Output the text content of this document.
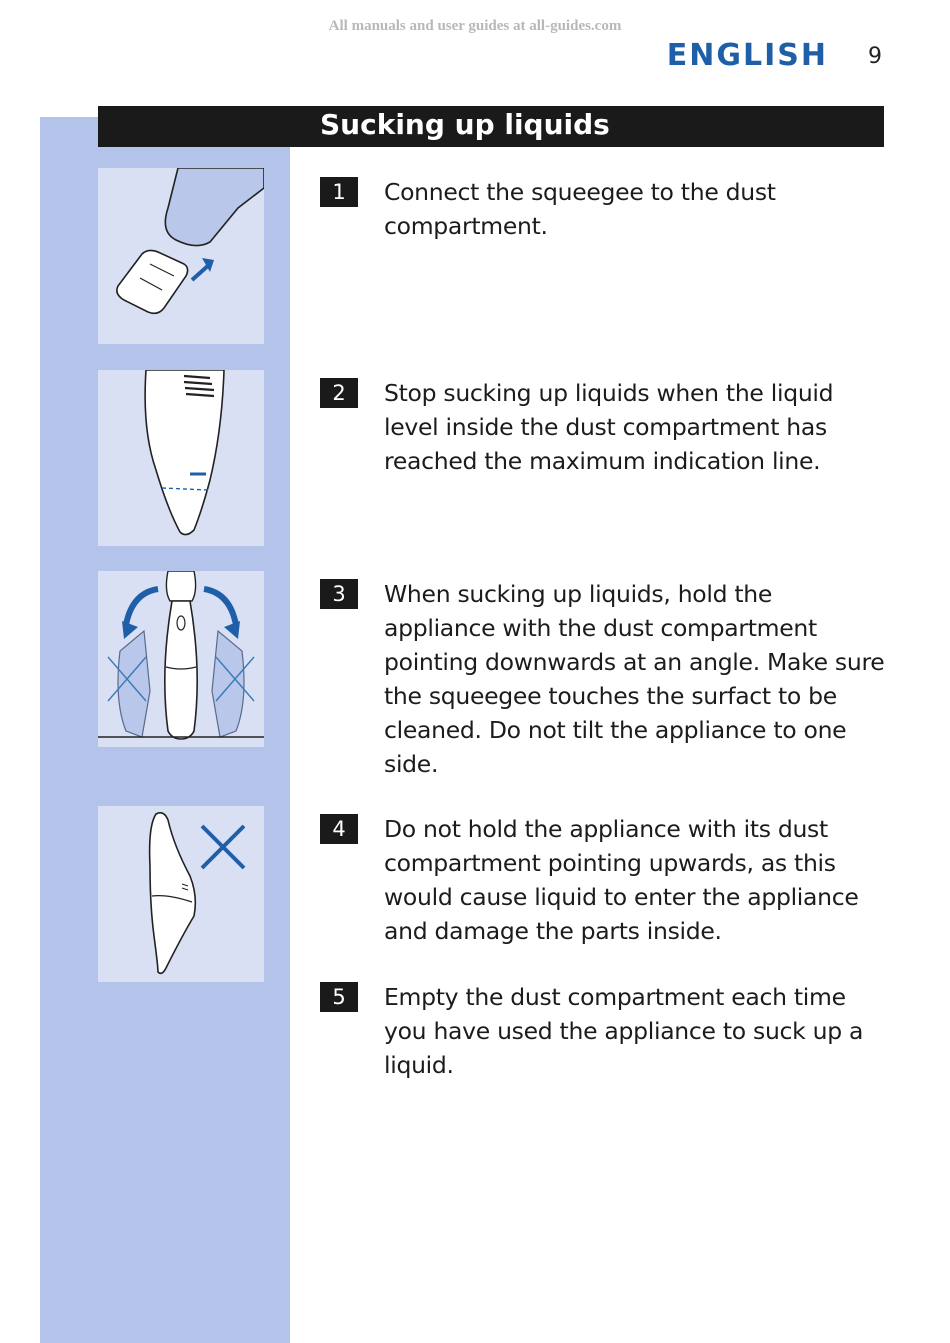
All manuals and user guides at all-guides.com
ENGLISH	9
Sucking up liquids
1	Connect the squeegee to the dust compartment.
2	Stop sucking up liquids when the liquid level inside the dust compartment has reached the maximum indication line.
3	When sucking up liquids, hold the appliance with the dust compartment pointing downwards at an angle. Make sure the squeegee touches the surfact to be cleaned. Do not tilt the appliance to one side.
4	Do not hold the appliance with its dust compartment pointing upwards, as this would cause liquid to enter the appliance and damage the parts inside.
5	Empty the dust compartment each time you have used the appliance to suck up a liquid.
